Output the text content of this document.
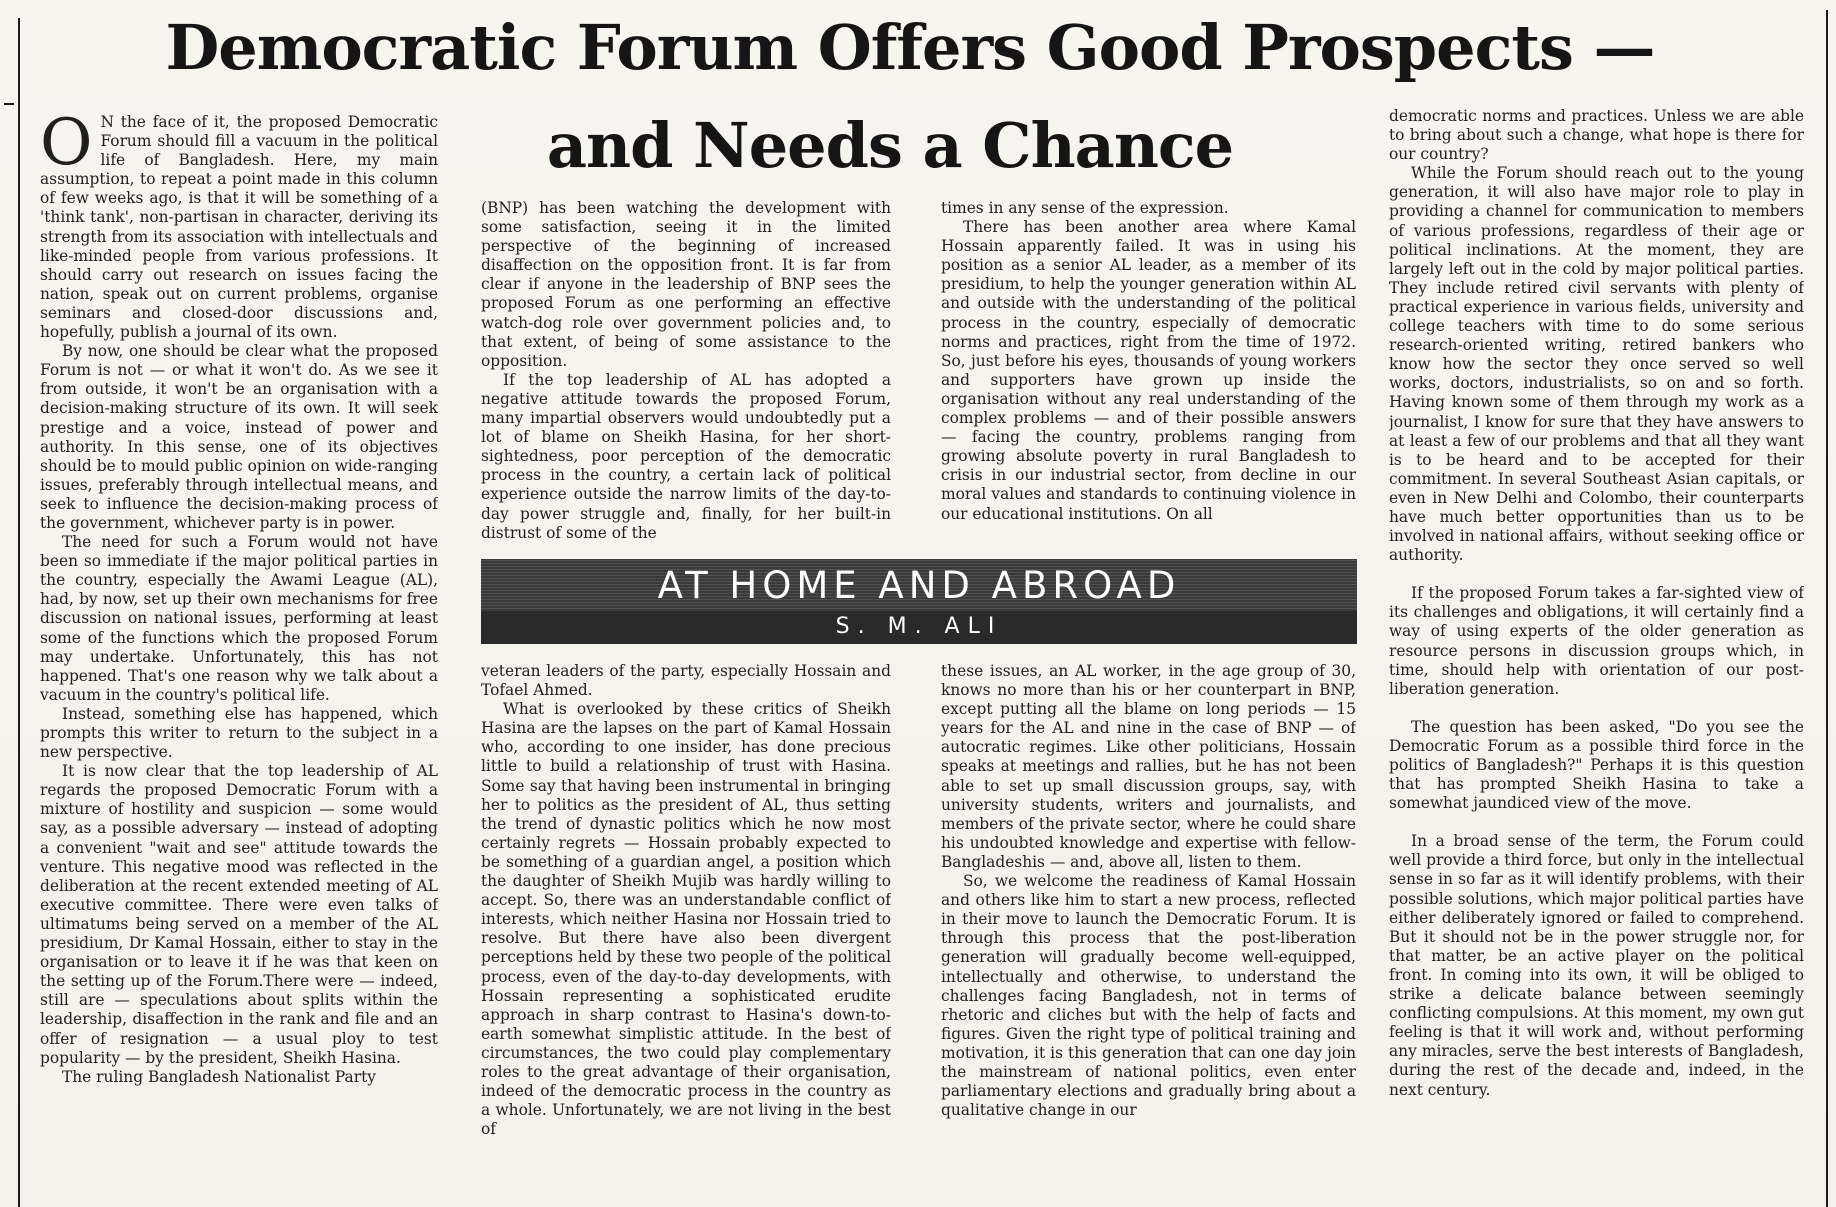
Democratic Forum Offers Good Prospects —
and Needs a Chance

O N the face of it, the proposed Democratic Forum should fill a vacuum in the political life of Bangladesh. Here, my main assumption, to repeat a point made in this column of few weeks ago, is that it will be something of a 'think tank', non-partisan in character, deriving its strength from its association with intellectuals and like-minded people from various professions. It should carry out research on issues facing the nation, speak out on current problems, organise seminars and closed-door discussions and, hopefully, publish a journal of its own.

By now, one should be clear what the proposed Forum is not — or what it won't do. As we see it from outside, it won't be an organisation with a decision-making structure of its own. It will seek prestige and a voice, instead of power and authority. In this sense, one of its objectives should be to mould public opinion on wide-ranging issues, preferably through intellectual means, and seek to influence the decision-making process of the government, whichever party is in power.

The need for such a Forum would not have been so immediate if the major political parties in the country, especially the Awami League (AL), had, by now, set up their own mechanisms for free discussion on national issues, performing at least some of the functions which the proposed Forum may undertake. Unfortunately, this has not happened. That's one reason why we talk about a vacuum in the country's political life.

Instead, something else has happened, which prompts this writer to return to the subject in a new perspective.

It is now clear that the top leadership of AL regards the proposed Democratic Forum with a mixture of hostility and suspicion — some would say, as a possible adversary — instead of adopting a convenient "wait and see" attitude towards the venture. This negative mood was reflected in the deliberation at the recent extended meeting of AL executive committee. There were even talks of ultimatums being served on a member of the AL presidium, Dr Kamal Hossain, either to stay in the organisation or to leave it if he was that keen on the setting up of the Forum.There were — indeed, still are — speculations about splits within the leadership, disaffection in the rank and file and an offer of resignation — a usual ploy to test popularity — by the president, Sheikh Hasina.

The ruling Bangladesh Nationalist Party

(BNP) has been watching the development with some satisfaction, seeing it in the limited perspective of the beginning of increased disaffection on the opposition front. It is far from clear if anyone in the leadership of BNP sees the proposed Forum as one performing an effective watch-dog role over government policies and, to that extent, of being of some assistance to the opposition.

If the top leadership of AL has adopted a negative attitude towards the proposed Forum, many impartial observers would undoubtedly put a lot of blame on Sheikh Hasina, for her short-sightedness, poor perception of the democratic process in the country, a certain lack of political experience outside the narrow limits of the day-to-day power struggle and, finally, for her built-in distrust of some of the

times in any sense of the expression.

There has been another area where Kamal Hossain apparently failed. It was in using his position as a senior AL leader, as a member of its presidium, to help the younger generation within AL and outside with the understanding of the political process in the country, especially of democratic norms and practices, right from the time of 1972. So, just before his eyes, thousands of young workers and supporters have grown up inside the organisation without any real understanding of the complex problems — and of their possible answers — facing the country, problems ranging from growing absolute poverty in rural Bangladesh to crisis in our industrial sector, from decline in our moral values and standards to continuing violence in our educational institutions. On all

AT HOME AND ABROAD
S. M. ALI

veteran leaders of the party, especially Hossain and Tofael Ahmed.

What is overlooked by these critics of Sheikh Hasina are the lapses on the part of Kamal Hossain who, according to one insider, has done precious little to build a relationship of trust with Hasina. Some say that having been instrumental in bringing her to politics as the president of AL, thus setting the trend of dynastic politics which he now most certainly regrets — Hossain probably expected to be something of a guardian angel, a position which the daughter of Sheikh Mujib was hardly willing to accept. So, there was an understandable conflict of interests, which neither Hasina nor Hossain tried to resolve. But there have also been divergent perceptions held by these two people of the political process, even of the day-to-day developments, with Hossain representing a sophisticated erudite approach in sharp contrast to Hasina's down-to-earth somewhat simplistic attitude. In the best of circumstances, the two could play complementary roles to the great advantage of their organisation, indeed of the democratic process in the country as a whole. Unfortunately, we are not living in the best of

these issues, an AL worker, in the age group of 30, knows no more than his or her counterpart in BNP, except putting all the blame on long periods — 15 years for the AL and nine in the case of BNP — of autocratic regimes. Like other politicians, Hossain speaks at meetings and rallies, but he has not been able to set up small discussion groups, say, with university students, writers and journalists, and members of the private sector, where he could share his undoubted knowledge and expertise with fellow-Bangladeshis — and, above all, listen to them.

So, we welcome the readiness of Kamal Hossain and others like him to start a new process, reflected in their move to launch the Democratic Forum. It is through this process that the post-liberation generation will gradually become well-equipped, intellectually and otherwise, to understand the challenges facing Bangladesh, not in terms of rhetoric and cliches but with the help of facts and figures. Given the right type of political training and motivation, it is this generation that can one day join the mainstream of national politics, even enter parliamentary elections and gradually bring about a qualitative change in our

democratic norms and practices. Unless we are able to bring about such a change, what hope is there for our country?

While the Forum should reach out to the young generation, it will also have major role to play in providing a channel for communication to members of various professions, regardless of their age or political inclinations. At the moment, they are largely left out in the cold by major political parties. They include retired civil servants with plenty of practical experience in various fields, university and college teachers with time to do some serious research-oriented writing, retired bankers who know how the sector they once served so well works, doctors, industrialists, so on and so forth. Having known some of them through my work as a journalist, I know for sure that they have answers to at least a few of our problems and that all they want is to be heard and to be accepted for their commitment. In several Southeast Asian capitals, or even in New Delhi and Colombo, their counterparts have much better opportunities than us to be involved in national affairs, without seeking office or authority.

If the proposed Forum takes a far-sighted view of its challenges and obligations, it will certainly find a way of using experts of the older generation as resource persons in discussion groups which, in time, should help with orientation of our post-liberation generation.

The question has been asked, "Do you see the Democratic Forum as a possible third force in the politics of Bangladesh?" Perhaps it is this question that has prompted Sheikh Hasina to take a somewhat jaundiced view of the move.

In a broad sense of the term, the Forum could well provide a third force, but only in the intellectual sense in so far as it will identify problems, with their possible solutions, which major political parties have either deliberately ignored or failed to comprehend. But it should not be in the power struggle nor, for that matter, be an active player on the political front. In coming into its own, it will be obliged to strike a delicate balance between seemingly conflicting compulsions. At this moment, my own gut feeling is that it will work and, without performing any miracles, serve the best interests of Bangladesh, during the rest of the decade and, indeed, in the next century.
